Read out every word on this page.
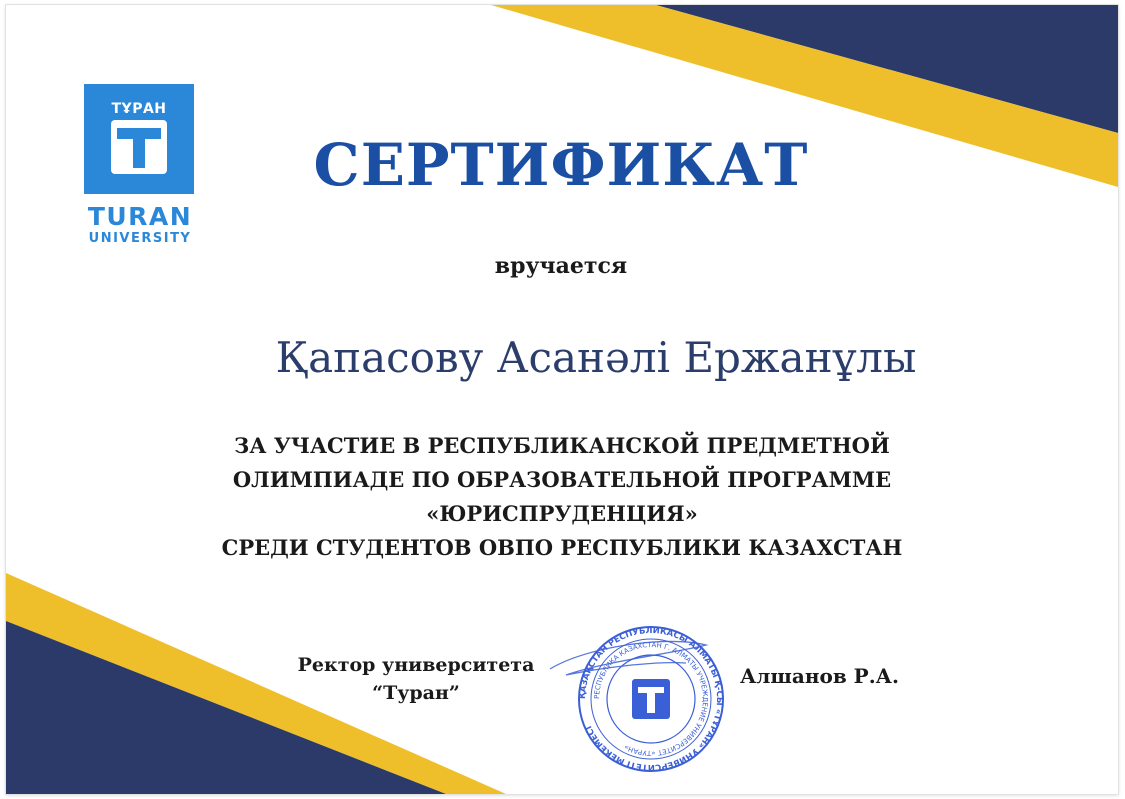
ТҰРАН
TURAN
UNIVERSITY
СЕРТИФИКАТ
вручается
Қапасову Асанәлі Ержанұлы
ЗА УЧАСТИЕ В РЕСПУБЛИКАНСКОЙ ПРЕДМЕТНОЙ
ОЛИМПИАДЕ ПО ОБРАЗОВАТЕЛЬНОЙ ПРОГРАММЕ
«ЮРИСПРУДЕНЦИЯ»
СРЕДИ СТУДЕНТОВ ОВПО РЕСПУБЛИКИ КАЗАХСТАН
Ректор университета
“Туран”
Алшанов Р.А.
ҚАЗАҚСТАН РЕСПУБЛИКАСЫ АЛМАТЫ Қ-СЫ «ТҰРАН» УНИВЕРСИТЕТІ МЕКЕМЕСІ
РЕСПУБЛИКА КАЗАХСТАН Г. АЛМАТЫ УЧРЕЖДЕНИЕ УНИВЕРСИТЕТ «ТУРАН»
